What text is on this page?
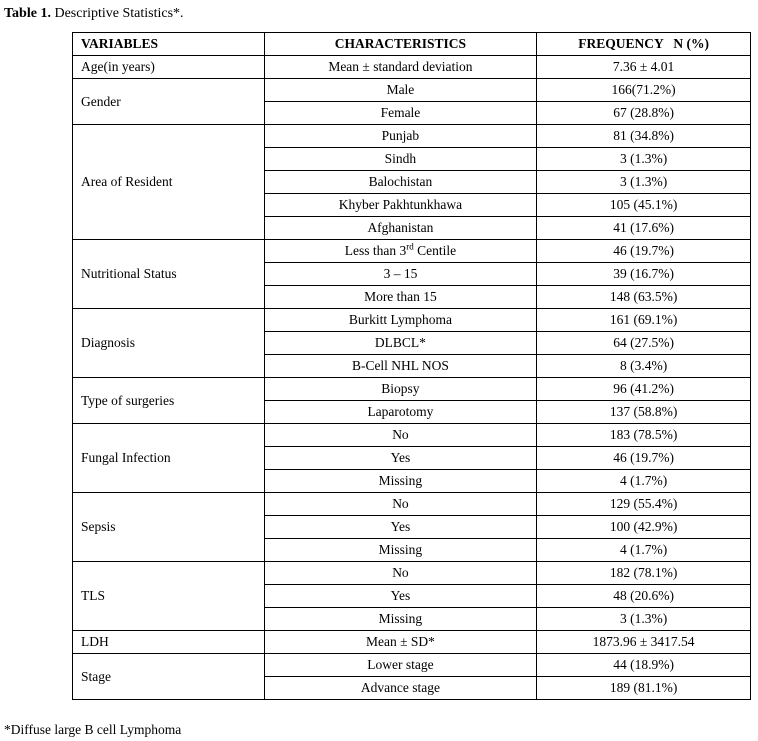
Table 1. Descriptive Statistics*.
VARIABLES	CHARACTERISTICS	FREQUENCY   N (%)
Age(in years)	Mean ± standard deviation	7.36 ± 4.01
Gender	Male	166(71.2%)
	Female	67 (28.8%)
Area of Resident	Punjab	81 (34.8%)
	Sindh	3 (1.3%)
	Balochistan	3 (1.3%)
	Khyber Pakhtunkhawa	105 (45.1%)
	Afghanistan	41 (17.6%)
Nutritional Status	Less than 3rd Centile	46 (19.7%)
	3 – 15	39 (16.7%)
	More than 15	148 (63.5%)
Diagnosis	Burkitt Lymphoma	161 (69.1%)
	DLBCL*	64 (27.5%)
	B-Cell NHL NOS	8 (3.4%)
Type of surgeries	Biopsy	96 (41.2%)
	Laparotomy	137 (58.8%)
Fungal Infection	No	183 (78.5%)
	Yes	46 (19.7%)
	Missing	4 (1.7%)
Sepsis	No	129 (55.4%)
	Yes	100 (42.9%)
	Missing	4 (1.7%)
TLS	No	182 (78.1%)
	Yes	48 (20.6%)
	Missing	3 (1.3%)
LDH	Mean ± SD*	1873.96 ± 3417.54
Stage	Lower stage	44 (18.9%)
	Advance stage	189 (81.1%)
*Diffuse large B cell Lymphoma
